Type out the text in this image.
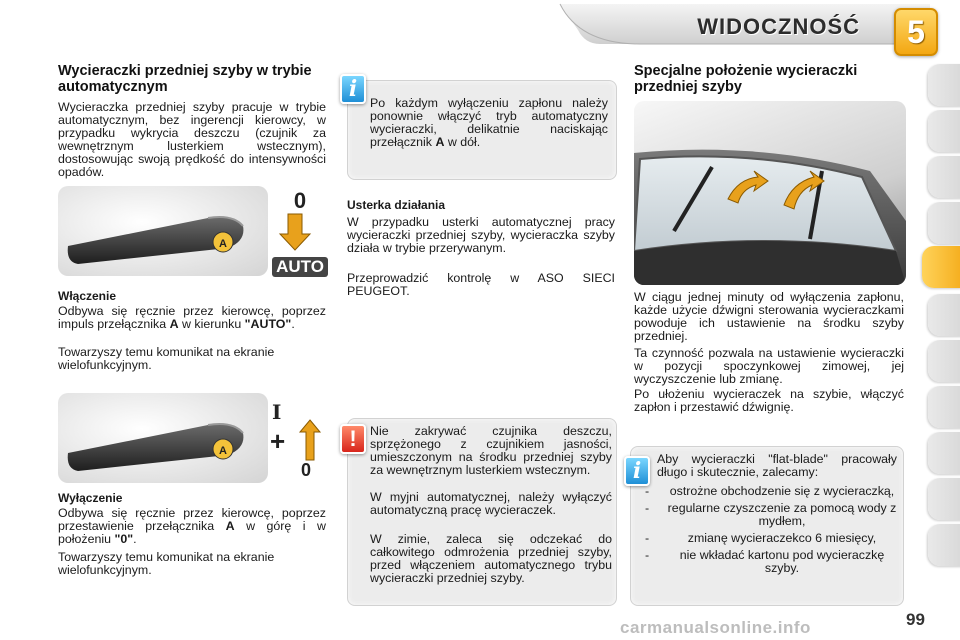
WIDOCZNOŚĆ	5
Wycieraczki przedniej szyby w trybie automatycznym
Wycieraczka przedniej szyby pracuje w trybie automatycznym, bez ingerencji kierowcy, w przypadku wykrycia deszczu (czujnik za wewnętrznym lusterkiem wstecznym), dostosowując swoją prędkość do intensywności opadów.
A
0
AUTO
Włączenie
Odbywa się ręcznie przez kierowcę, poprzez impuls przełącznika A w kierunku "AUTO".
Towarzyszy temu komunikat na ekranie wielofunkcyjnym.
A
I
+
0
Wyłączenie
Odbywa się ręcznie przez kierowcę, poprzez przestawienie przełącznika A w górę i w położeniu "0".
Towarzyszy temu komunikat na ekranie wielofunkcyjnym.
Po każdym wyłączeniu zapłonu należy ponownie włączyć tryb automatyczny wycieraczki, delikatnie naciskając przełącznik A w dół.
i
Usterka działania
W przypadku usterki automatycznej pracy wycieraczki przedniej szyby, wycieraczka szyby działa w trybie przerywanym.
Przeprowadzić kontrolę w ASO SIECI PEUGEOT.
Nie zakrywać czujnika deszczu, sprzężonego z czujnikiem jasności, umieszczonym na środku przedniej szyby za wewnętrznym lusterkiem wstecznym.
W myjni automatycznej, należy wyłączyć automatyczną pracę wycieraczek.
W zimie, zaleca się odczekać do całkowitego odmrożenia przedniej szyby, przed włączeniem automatycznego trybu wycieraczki przedniej szyby.
!
Specjalne położenie wycieraczki przedniej szyby
W ciągu jednej minuty od wyłączenia zapłonu, każde użycie dźwigni sterowania wycieraczkami powoduje ich ustawienie na środku szyby przedniej.
Ta czynność pozwala na ustawienie wycieraczki w pozycji spoczynkowej zimowej, jej wyczyszczenie lub zmianę.
Po ułożeniu wycieraczek na szybie, włączyć zapłon i przestawić dźwignię.
Aby wycieraczki "flat-blade" pracowały długo i skutecznie, zalecamy:
- ostrożne obchodzenie się z wycieraczką,
- regularne czyszczenie za pomocą wody z mydłem,
- zmianę wycieraczekco 6 miesięcy,
- nie wkładać kartonu pod wycieraczkę szyby.
i
carmanualsonline.info	99
